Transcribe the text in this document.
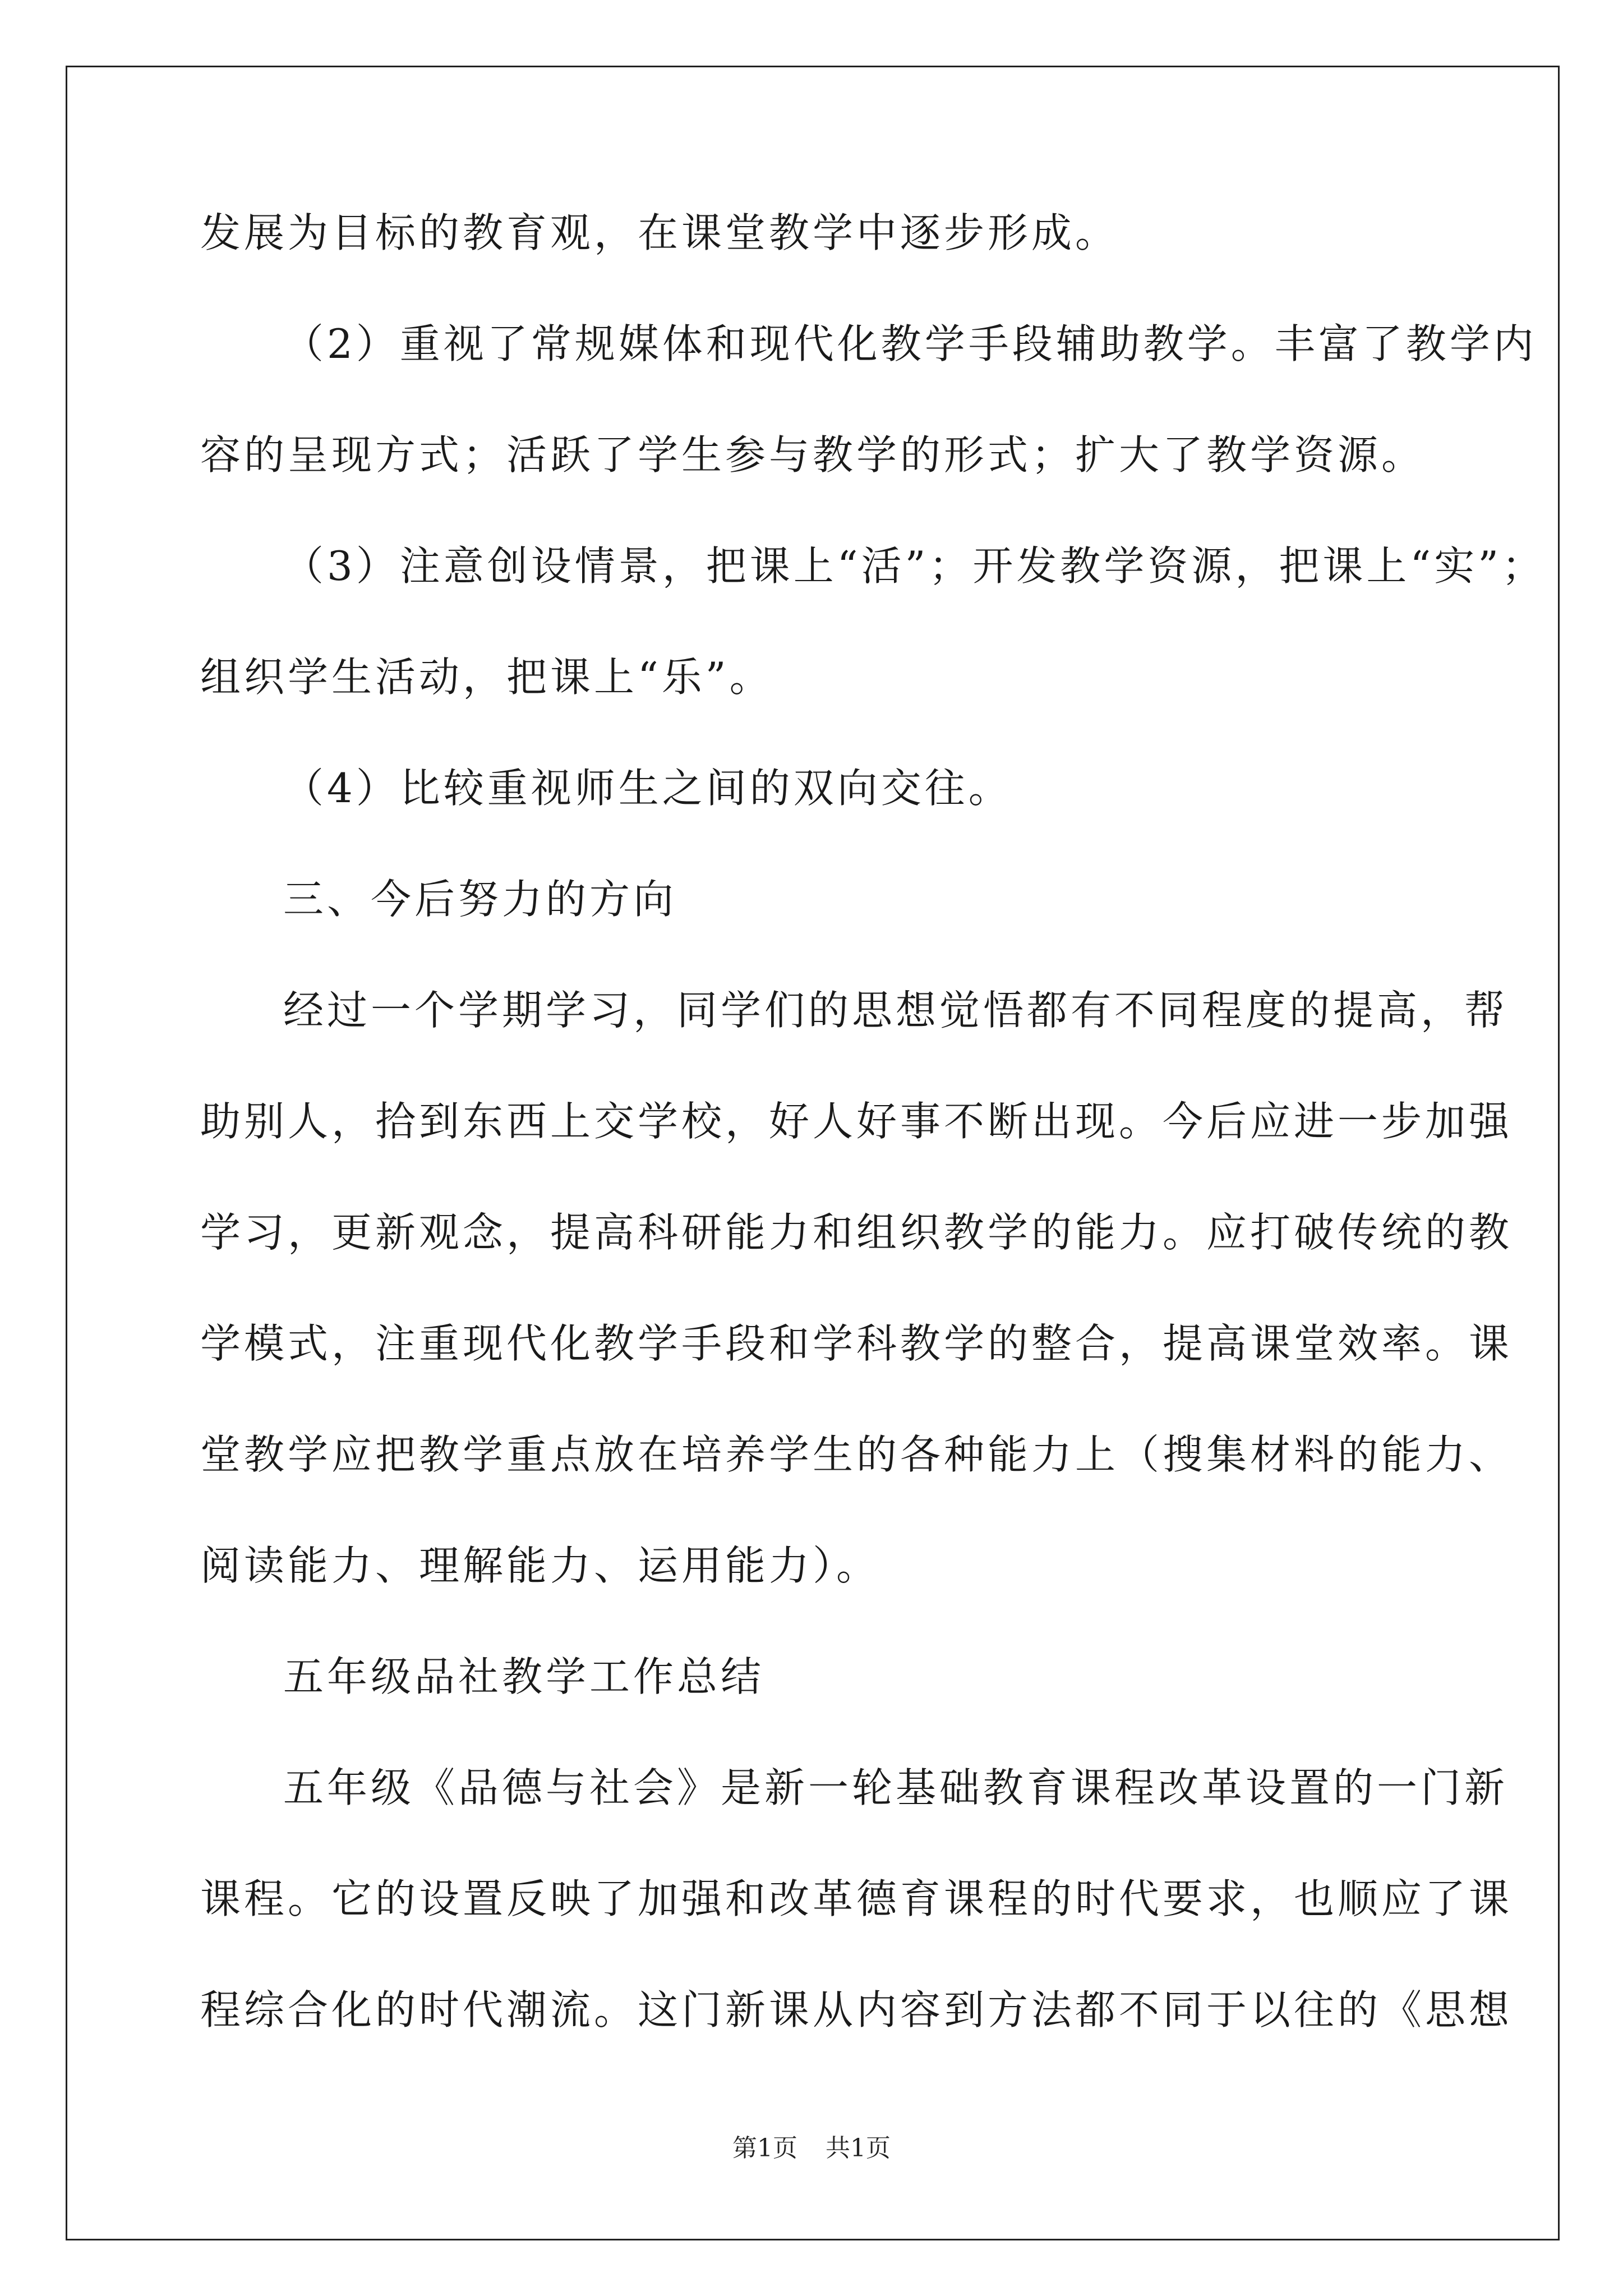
发展为目标的教育观，在课堂教学中逐步形成。
（2）重视了常规媒体和现代化教学手段辅助教学。丰富了教学内
容的呈现方式；活跃了学生参与教学的形式；扩大了教学资源。
（3）注意创设情景，把课上“活”；开发教学资源，把课上“实”；
组织学生活动，把课上“乐”。
（4）比较重视师生之间的双向交往。
三、今后努力的方向
经过一个学期学习，同学们的思想觉悟都有不同程度的提高，帮
助别人，拾到东西上交学校，好人好事不断出现。今后应进一步加强
学习，更新观念，提高科研能力和组织教学的能力。应打破传统的教
学模式，注重现代化教学手段和学科教学的整合，提高课堂效率。课
堂教学应把教学重点放在培养学生的各种能力上（搜集材料的能力、
阅读能力、理解能力、运用能力）。
五年级品社教学工作总结
五年级《品德与社会》是新一轮基础教育课程改革设置的一门新
课程。它的设置反映了加强和改革德育课程的时代要求，也顺应了课
程综合化的时代潮流。这门新课从内容到方法都不同于以往的《思想
第1页 共1页
